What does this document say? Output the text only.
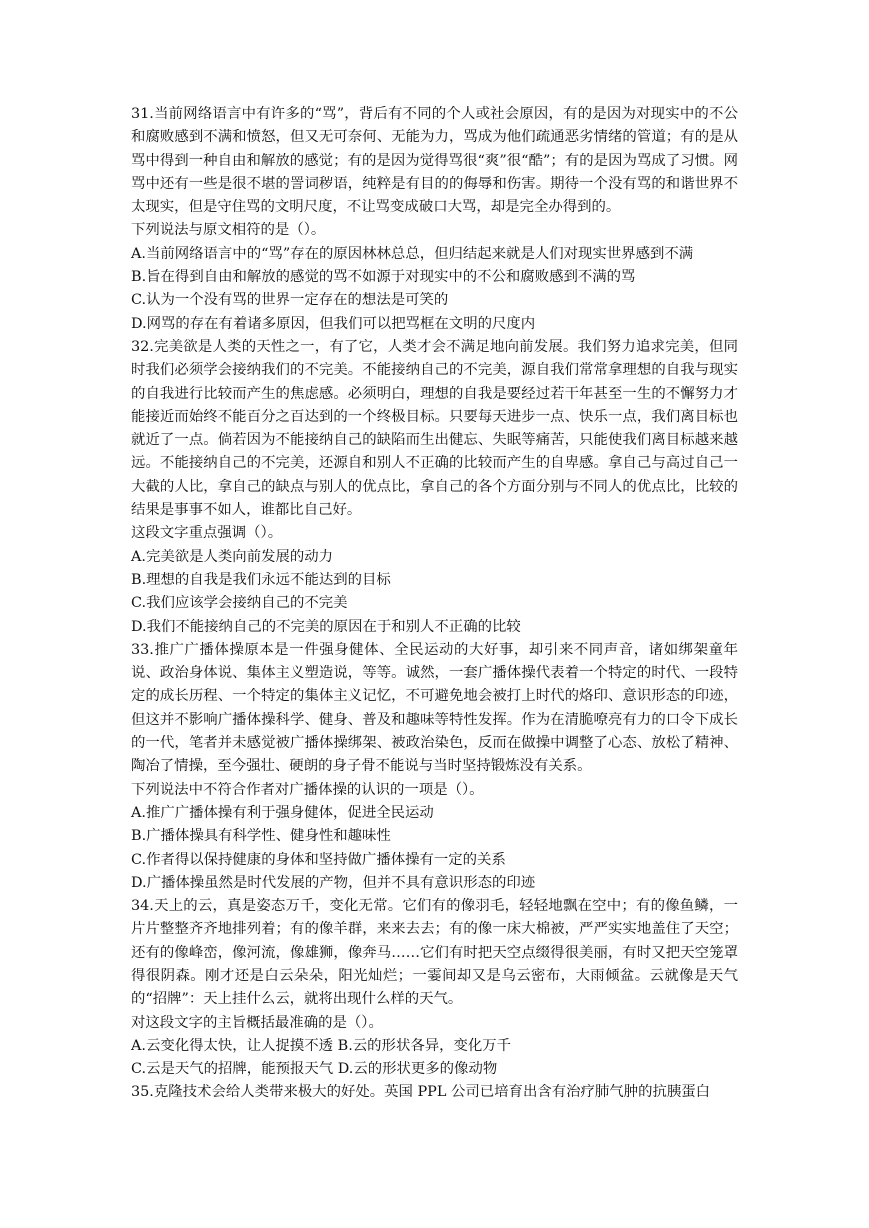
31.当前网络语言中有许多的“骂”，背后有不同的个人或社会原因，有的是因为对现实中的不公和腐败感到不满和愤怒，但又无可奈何、无能为力，骂成为他们疏通恶劣情绪的管道；有的是从骂中得到一种自由和解放的感觉；有的是因为觉得骂很“爽”很“酷”；有的是因为骂成了习惯。网骂中还有一些是很不堪的詈词秽语，纯粹是有目的的侮辱和伤害。期待一个没有骂的和谐世界不太现实，但是守住骂的文明尺度，不让骂变成破口大骂，却是完全办得到的。

下列说法与原文相符的是（）。

A.当前网络语言中的“骂”存在的原因林林总总，但归结起来就是人们对现实世界感到不满

B.旨在得到自由和解放的感觉的骂不如源于对现实中的不公和腐败感到不满的骂

C.认为一个没有骂的世界一定存在的想法是可笑的

D.网骂的存在有着诸多原因，但我们可以把骂框在文明的尺度内

32.完美欲是人类的天性之一，有了它，人类才会不满足地向前发展。我们努力追求完美，但同时我们必须学会接纳我们的不完美。不能接纳自己的不完美，源自我们常常拿理想的自我与现实的自我进行比较而产生的焦虑感。必须明白，理想的自我是要经过若干年甚至一生的不懈努力才能接近而始终不能百分之百达到的一个终极目标。只要每天进步一点、快乐一点，我们离目标也就近了一点。倘若因为不能接纳自己的缺陷而生出健忘、失眠等痛苦，只能使我们离目标越来越远。不能接纳自己的不完美，还源自和别人不正确的比较而产生的自卑感。拿自己与高过自己一大截的人比，拿自己的缺点与别人的优点比，拿自己的各个方面分别与不同人的优点比，比较的结果是事事不如人，谁都比自己好。

这段文字重点强调（）。

A.完美欲是人类向前发展的动力

B.理想的自我是我们永远不能达到的目标

C.我们应该学会接纳自己的不完美

D.我们不能接纳自己的不完美的原因在于和别人不正确的比较

33.推广广播体操原本是一件强身健体、全民运动的大好事，却引来不同声音，诸如绑架童年说、政治身体说、集体主义塑造说，等等。诚然，一套广播体操代表着一个特定的时代、一段特定的成长历程、一个特定的集体主义记忆，不可避免地会被打上时代的烙印、意识形态的印迹，但这并不影响广播体操科学、健身、普及和趣味等特性发挥。作为在清脆嘹亮有力的口令下成长的一代，笔者并未感觉被广播体操绑架、被政治染色，反而在做操中调整了心态、放松了精神、陶冶了情操，至今强壮、硬朗的身子骨不能说与当时坚持锻炼没有关系。

下列说法中不符合作者对广播体操的认识的一项是（）。

A.推广广播体操有利于强身健体，促进全民运动

B.广播体操具有科学性、健身性和趣味性

C.作者得以保持健康的身体和坚持做广播体操有一定的关系

D.广播体操虽然是时代发展的产物，但并不具有意识形态的印迹

34.天上的云，真是姿态万千，变化无常。它们有的像羽毛，轻轻地飘在空中；有的像鱼鳞，一片片整整齐齐地排列着；有的像羊群，来来去去；有的像一床大棉被，严严实实地盖住了天空；还有的像峰峦，像河流，像雄狮，像奔马……它们有时把天空点缀得很美丽，有时又把天空笼罩得很阴森。刚才还是白云朵朵，阳光灿烂；一霎间却又是乌云密布，大雨倾盆。云就像是天气的“招牌”：天上挂什么云，就将出现什么样的天气。

对这段文字的主旨概括最准确的是（）。

A.云变化得太快，让人捉摸不透 B.云的形状各异，变化万千

C.云是天气的招牌，能预报天气 D.云的形状更多的像动物

35.克隆技术会给人类带来极大的好处。英国 PPL 公司已培育出含有治疗肺气肿的抗胰蛋白
